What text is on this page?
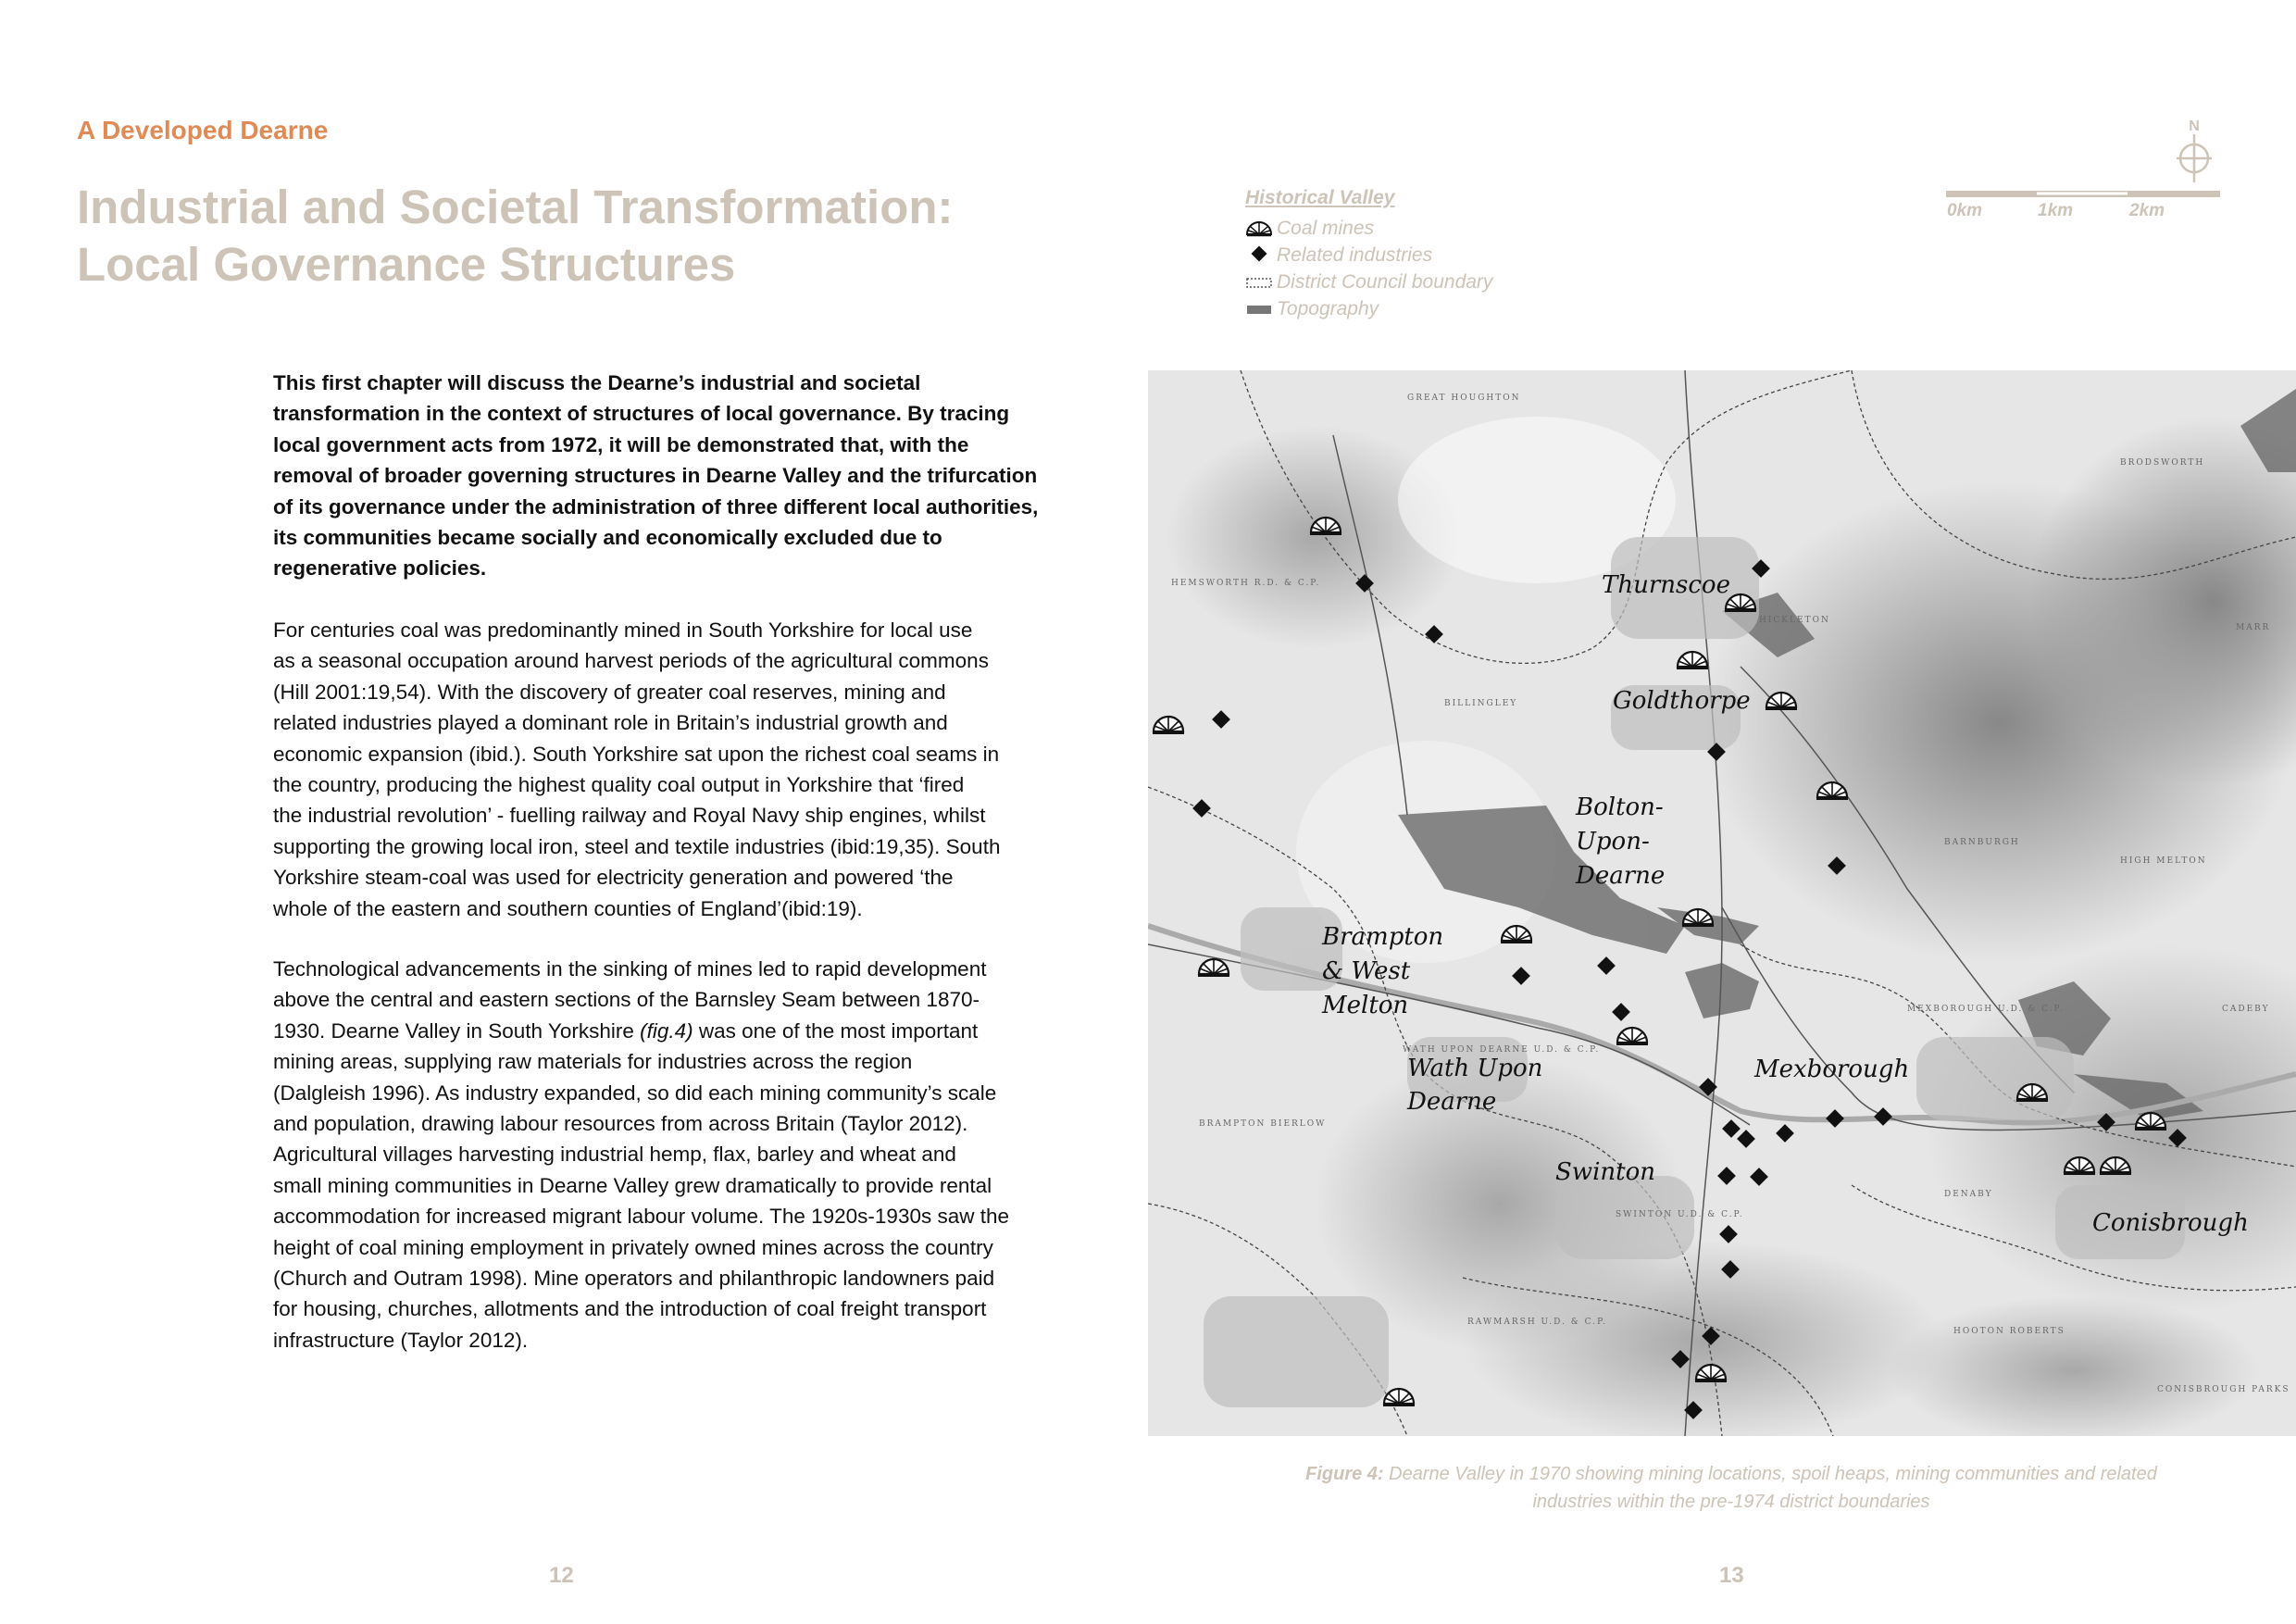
A Developed Dearne
Industrial and Societal Transformation:
Local Governance Structures
This first chapter will discuss the Dearne’s industrial and societal
transformation in the context of structures of local governance. By tracing
local government acts from 1972, it will be demonstrated that, with the
removal of broader governing structures in Dearne Valley and the trifurcation
of its governance under the administration of three different local authorities,
its communities became socially and economically excluded due to
regenerative policies.
For centuries coal was predominantly mined in South Yorkshire for local use
as a seasonal occupation around harvest periods of the agricultural commons
(Hill 2001:19,54). With the discovery of greater coal reserves, mining and
related industries played a dominant role in Britain’s industrial growth and
economic expansion (ibid.). South Yorkshire sat upon the richest coal seams in
the country, producing the highest quality coal output in Yorkshire that ‘fired
the industrial revolution’ - fuelling railway and Royal Navy ship engines, whilst
supporting the growing local iron, steel and textile industries (ibid:19,35). South
Yorkshire steam-coal was used for electricity generation and powered ‘the
whole of the eastern and southern counties of England’(ibid:19).
Technological advancements in the sinking of mines led to rapid development
above the central and eastern sections of the Barnsley Seam between 1870-
1930. Dearne Valley in South Yorkshire (fig.4) was one of the most important
mining areas, supplying raw materials for industries across the region
(Dalgleish 1996). As industry expanded, so did each mining community’s scale
and population, drawing labour resources from across Britain (Taylor 2012).
Agricultural villages harvesting industrial hemp, flax, barley and wheat and
small mining communities in Dearne Valley grew dramatically to provide rental
accommodation for increased migrant labour volume. The 1920s-1930s saw the
height of coal mining employment in privately owned mines across the country
(Church and Outram 1998). Mine operators and philanthropic landowners paid
for housing, churches, allotments and the introduction of coal freight transport
infrastructure (Taylor 2012).
Historical Valley
Coal mines
Related industries
District Council boundary
Topography
0km	1km	2km
N
Thurnscoe
Goldthorpe
Bolton-
Upon-
Dearne
Brampton
& West
Melton
Wath Upon
Dearne
Mexborough
Swinton
Conisbrough
GREAT HOUGHTON
BRODSWORTH
BILLINGLEY
HIGH MELTON
CADEBY
WATH UPON DEARNE U.D. & C.P.
BRAMPTON BIERLOW
MEXBOROUGH U.D. & C.P.
SWINTON U.D. & C.P.
RAWMARSH U.D. & C.P.
CONISBROUGH PARKS
HICKLETON
BARNBURGH
DENABY
HOOTON ROBERTS
HEMSWORTH R.D. & C.P.
MARR
Figure 4: Dearne Valley in 1970 showing mining locations, spoil heaps, mining communities and related
industries within the pre-1974 district boundaries
12	13
